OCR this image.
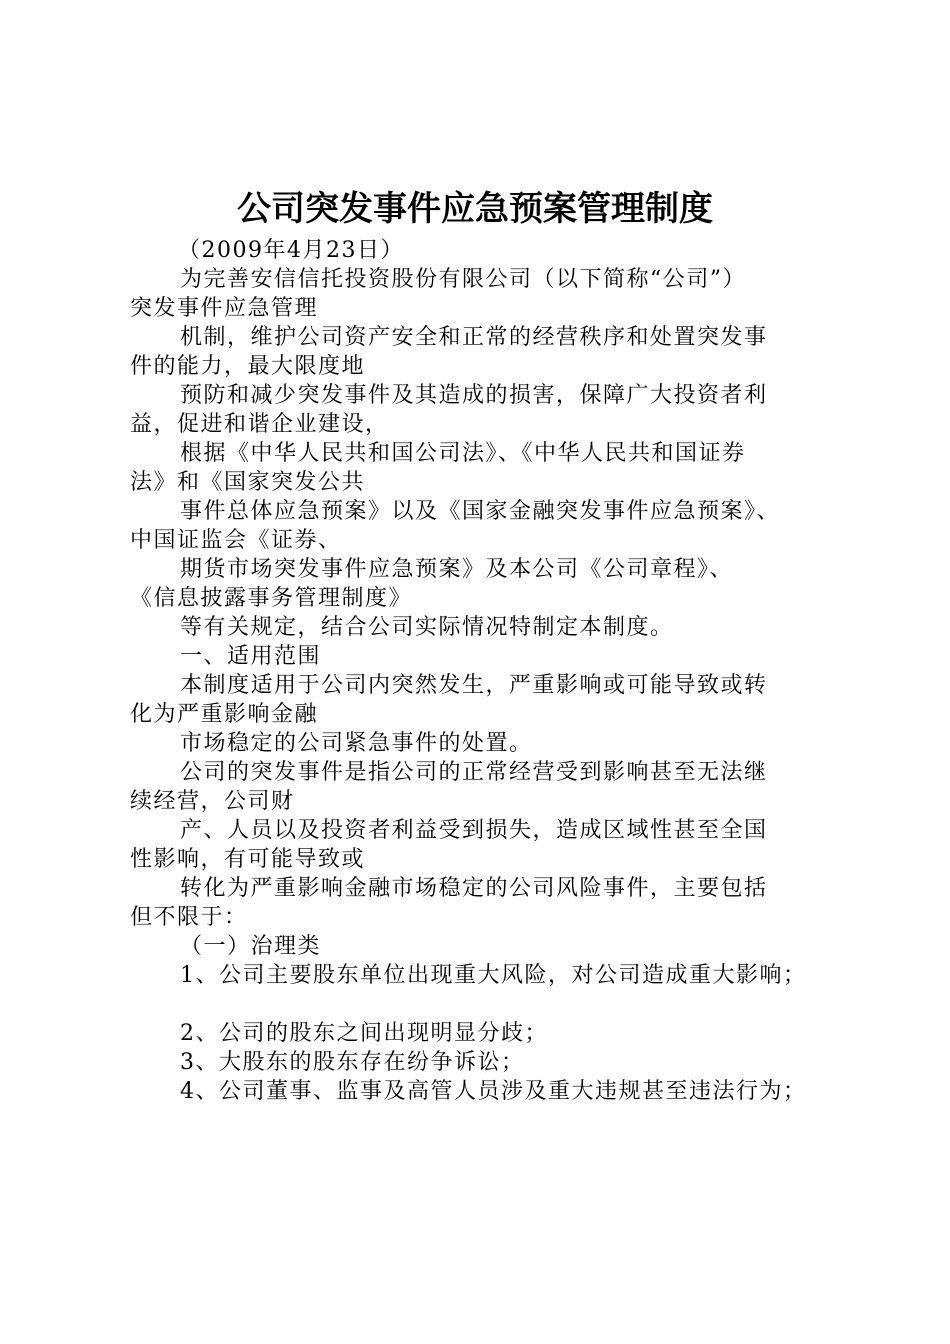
公司突发事件应急预案管理制度
（2009年4月23日）
为完善安信信托投资股份有限公司（以下简称“公司”）
突发事件应急管理
机制，维护公司资产安全和正常的经营秩序和处置突发事
件的能力，最大限度地
预防和减少突发事件及其造成的损害，保障广大投资者利
益，促进和谐企业建设，
根据《中华人民共和国公司法》、《中华人民共和国证券
法》和《国家突发公共
事件总体应急预案》以及《国家金融突发事件应急预案》、
中国证监会《证券、
期货市场突发事件应急预案》及本公司《公司章程》、
《信息披露事务管理制度》
等有关规定，结合公司实际情况特制定本制度。
一、适用范围
本制度适用于公司内突然发生，严重影响或可能导致或转
化为严重影响金融
市场稳定的公司紧急事件的处置。
公司的突发事件是指公司的正常经营受到影响甚至无法继
续经营，公司财
产、人员以及投资者利益受到损失，造成区域性甚至全国
性影响，有可能导致或
转化为严重影响金融市场稳定的公司风险事件，主要包括
但不限于：
（一）治理类
1、公司主要股东单位出现重大风险，对公司造成重大影响；
2、公司的股东之间出现明显分歧；
3、大股东的股东存在纷争诉讼；
4、公司董事、监事及高管人员涉及重大违规甚至违法行为；
